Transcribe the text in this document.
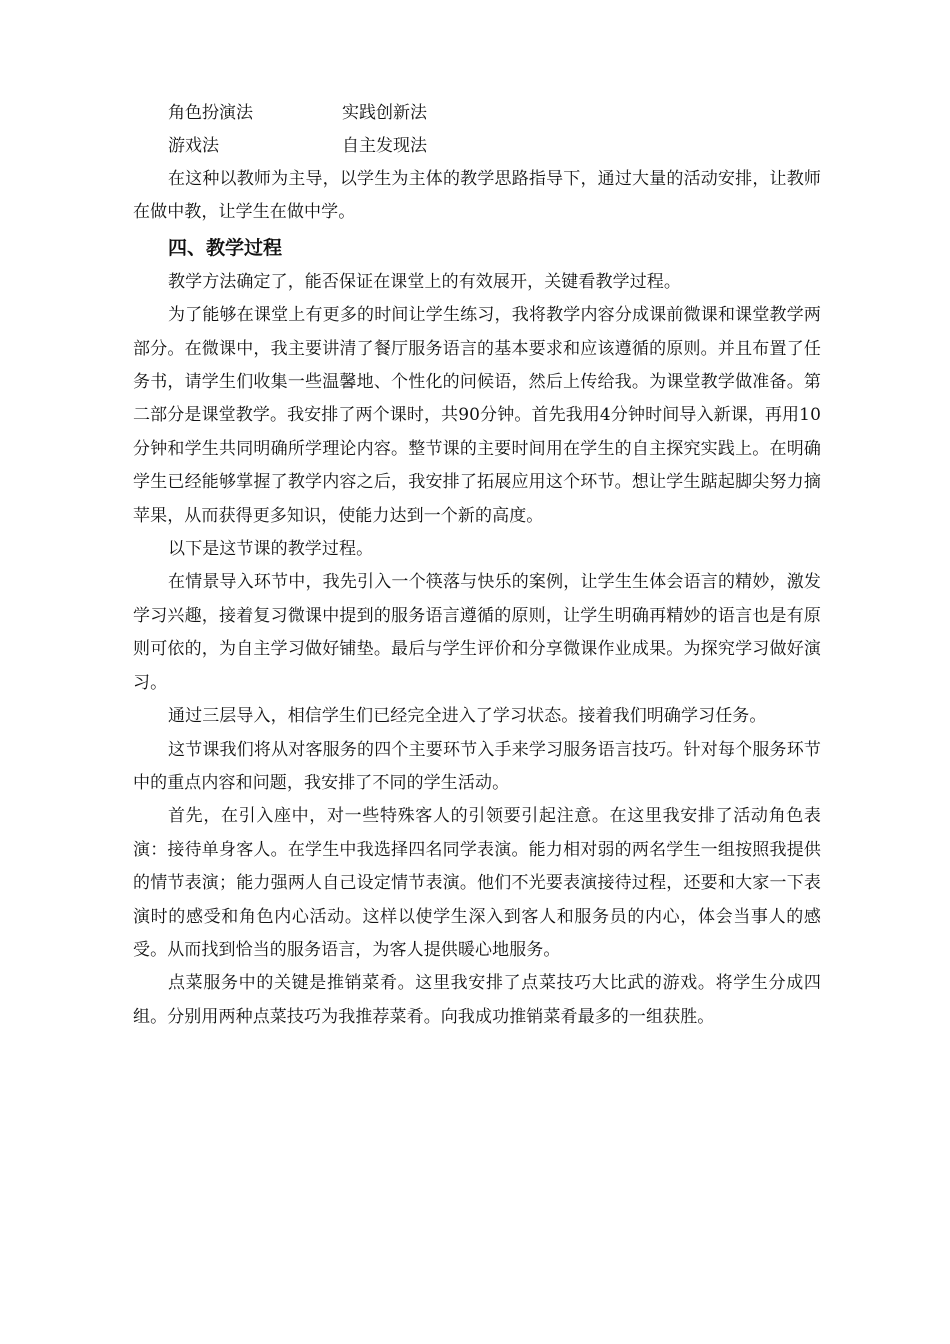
角色扮演法	实践创新法
游戏法	自主发现法

在这种以教师为主导，以学生为主体的教学思路指导下，通过大量的活动安排，让教师在做中教，让学生在做中学。

四、教学过程

教学方法确定了，能否保证在课堂上的有效展开，关键看教学过程。

为了能够在课堂上有更多的时间让学生练习，我将教学内容分成课前微课和课堂教学两部分。在微课中，我主要讲清了餐厅服务语言的基本要求和应该遵循的原则。并且布置了任务书，请学生们收集一些温馨地、个性化的问候语，然后上传给我。为课堂教学做准备。第二部分是课堂教学。我安排了两个课时，共90分钟。首先我用4分钟时间导入新课，再用10分钟和学生共同明确所学理论内容。整节课的主要时间用在学生的自主探究实践上。在明确学生已经能够掌握了教学内容之后，我安排了拓展应用这个环节。想让学生踮起脚尖努力摘苹果，从而获得更多知识，使能力达到一个新的高度。

以下是这节课的教学过程。

在情景导入环节中，我先引入一个筷落与快乐的案例，让学生生体会语言的精妙，激发学习兴趣，接着复习微课中提到的服务语言遵循的原则，让学生明确再精妙的语言也是有原则可依的，为自主学习做好铺垫。最后与学生评价和分享微课作业成果。为探究学习做好演习。

通过三层导入，相信学生们已经完全进入了学习状态。接着我们明确学习任务。

这节课我们将从对客服务的四个主要环节入手来学习服务语言技巧。针对每个服务环节中的重点内容和问题，我安排了不同的学生活动。

首先，在引入座中，对一些特殊客人的引领要引起注意。在这里我安排了活动角色表演：接待单身客人。在学生中我选择四名同学表演。能力相对弱的两名学生一组按照我提供的情节表演；能力强两人自己设定情节表演。他们不光要表演接待过程，还要和大家一下表演时的感受和角色内心活动。这样以使学生深入到客人和服务员的内心，体会当事人的感受。从而找到恰当的服务语言，为客人提供暖心地服务。

点菜服务中的关键是推销菜肴。这里我安排了点菜技巧大比武的游戏。将学生分成四组。分别用两种点菜技巧为我推荐菜肴。向我成功推销菜肴最多的一组获胜。
